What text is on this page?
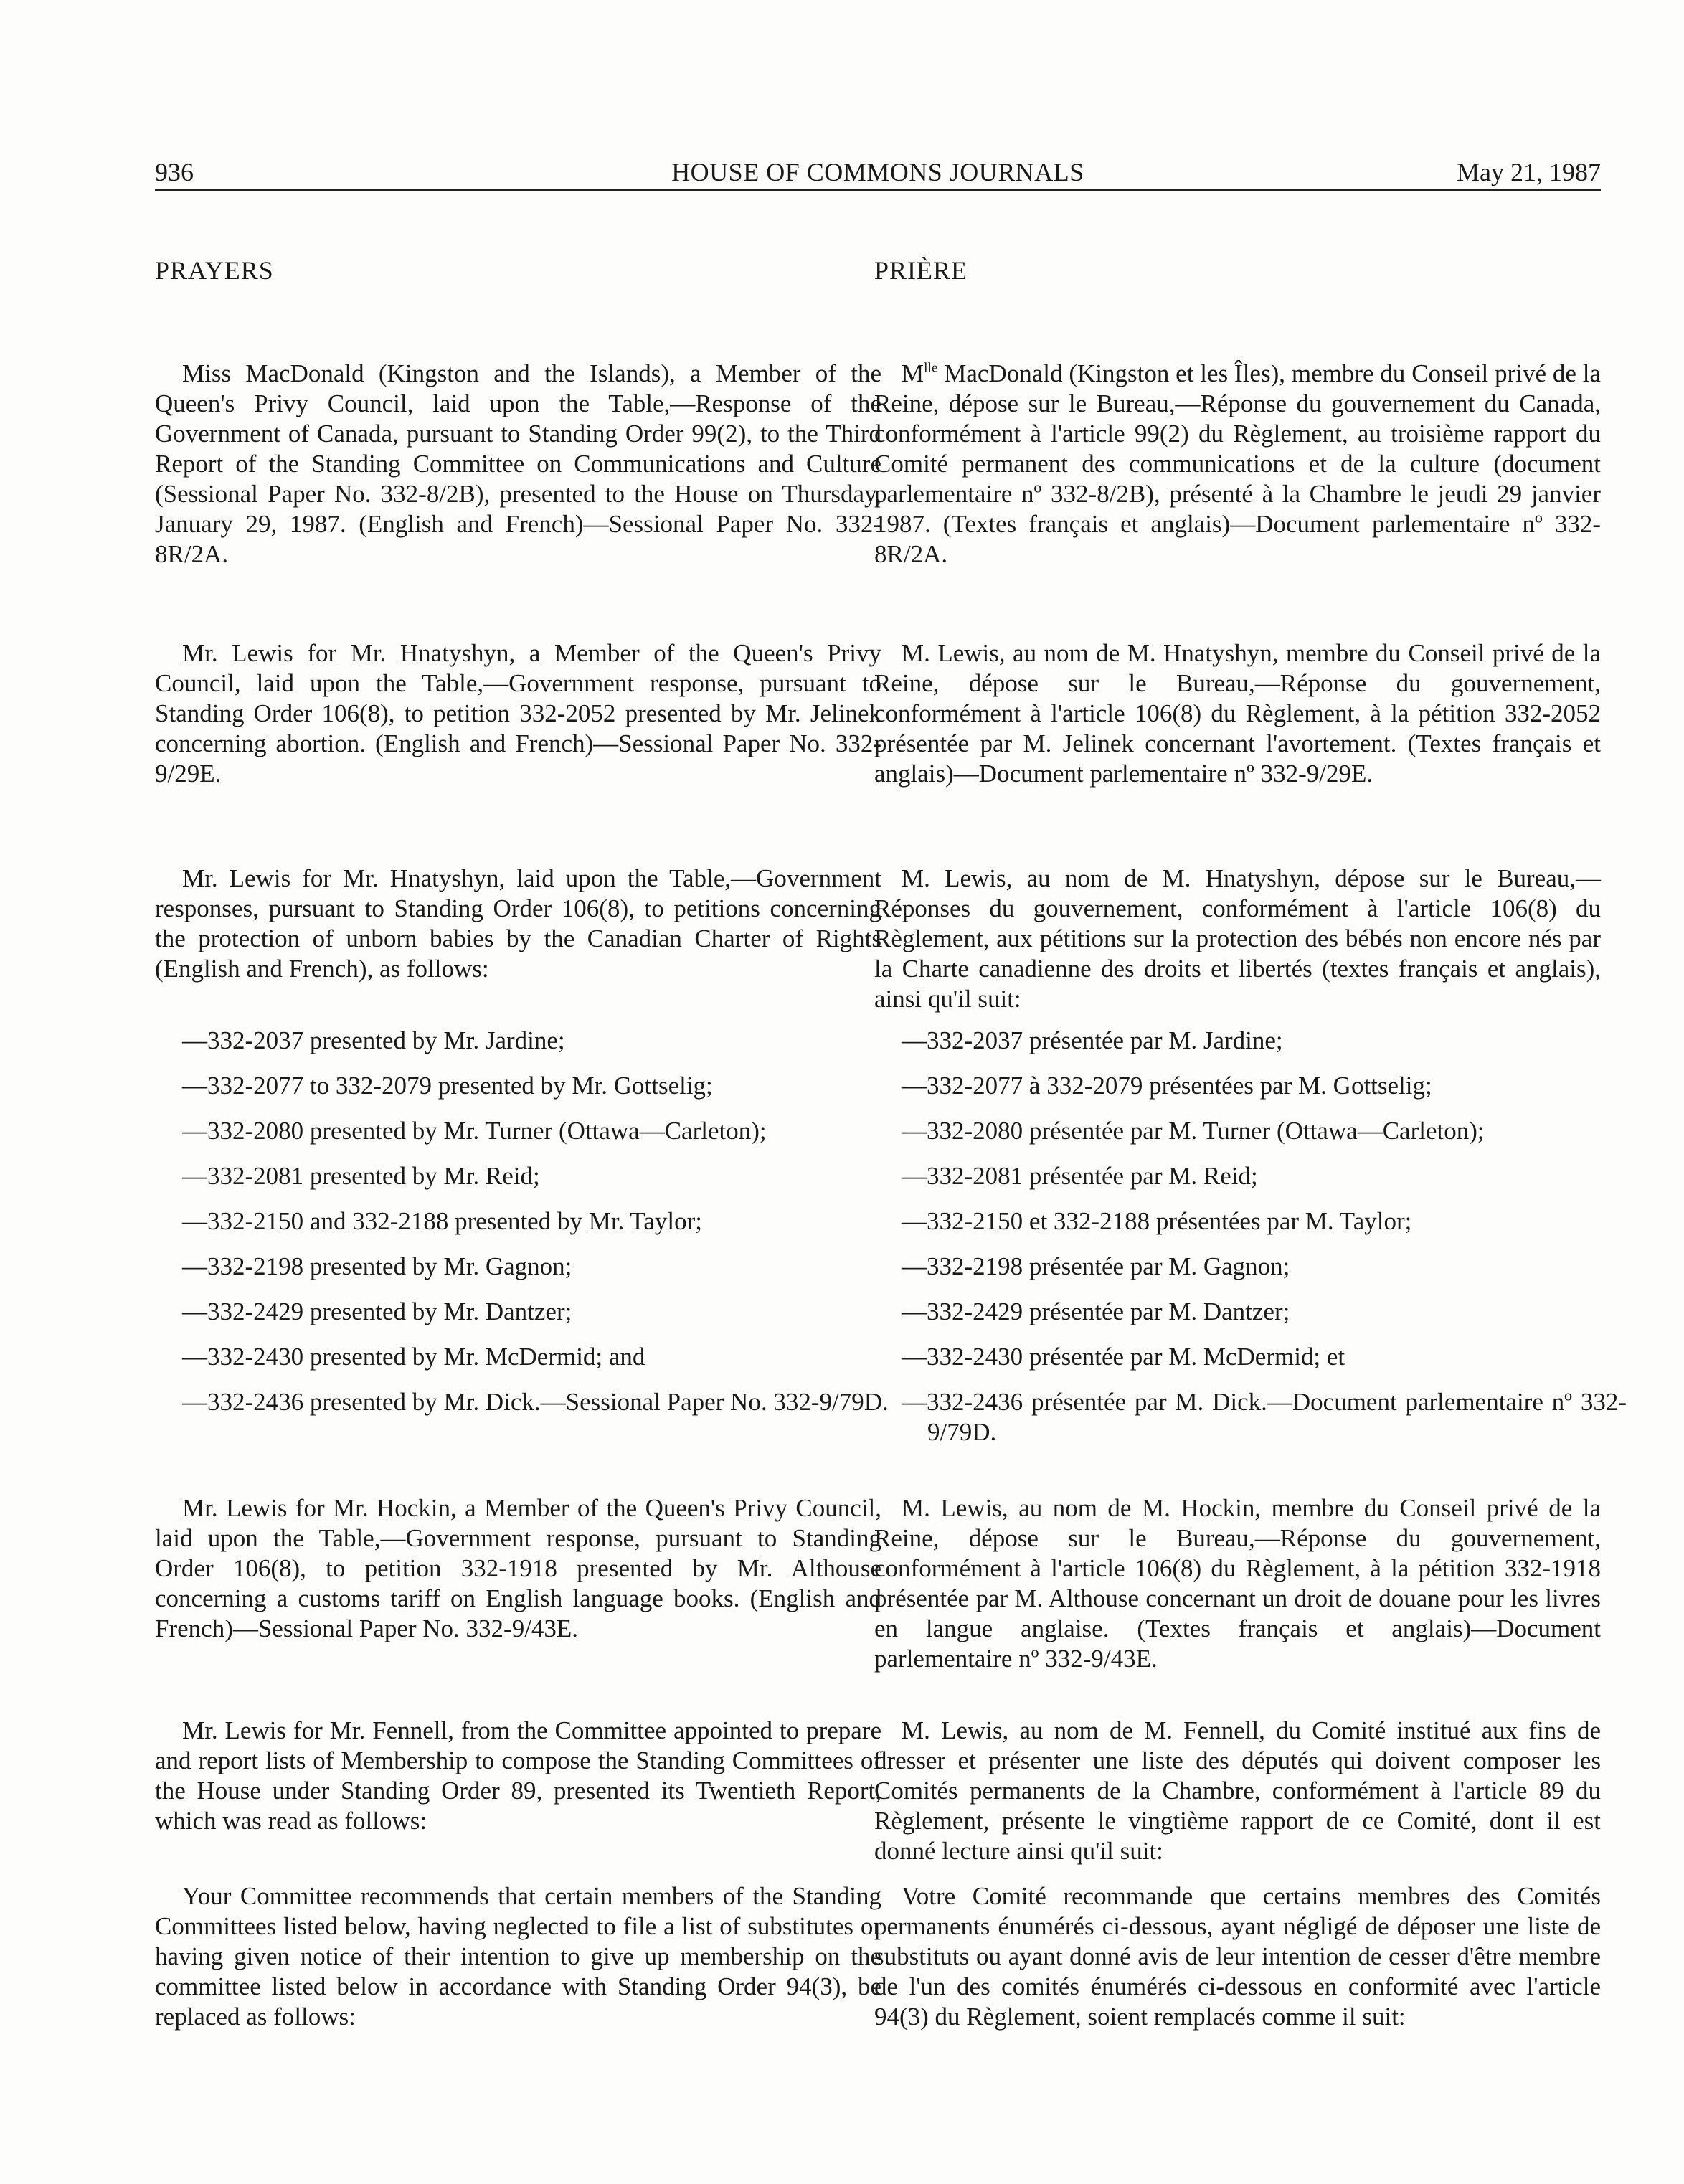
936	HOUSE OF COMMONS JOURNALS	May 21, 1987
PRAYERS

Miss MacDonald (Kingston and the Islands), a Member of the Queen's Privy Council, laid upon the Table,—Response of the Government of Canada, pursuant to Standing Order 99(2), to the Third Report of the Standing Committee on Communications and Culture (Sessional Paper No. 332-8/2B), presented to the House on Thursday, January 29, 1987. (English and French)—Sessional Paper No. 332-8R/2A.

Mr. Lewis for Mr. Hnatyshyn, a Member of the Queen's Privy Council, laid upon the Table,—Government response, pursuant to Standing Order 106(8), to petition 332-2052 presented by Mr. Jelinek concerning abortion. (English and French)—Sessional Paper No. 332-9/29E.

Mr. Lewis for Mr. Hnatyshyn, laid upon the Table,—Government responses, pursuant to Standing Order 106(8), to petitions concerning the protection of unborn babies by the Canadian Charter of Rights (English and French), as follows:

—332-2037 presented by Mr. Jardine;
—332-2077 to 332-2079 presented by Mr. Gottselig;
—332-2080 presented by Mr. Turner (Ottawa—Carleton);
—332-2081 presented by Mr. Reid;
—332-2150 and 332-2188 presented by Mr. Taylor;
—332-2198 presented by Mr. Gagnon;
—332-2429 presented by Mr. Dantzer;
—332-2430 presented by Mr. McDermid; and
—332-2436 presented by Mr. Dick.—Sessional Paper No. 332-9/79D.

Mr. Lewis for Mr. Hockin, a Member of the Queen's Privy Council, laid upon the Table,—Government response, pursuant to Standing Order 106(8), to petition 332-1918 presented by Mr. Althouse concerning a customs tariff on English language books. (English and French)—Sessional Paper No. 332-9/43E.

Mr. Lewis for Mr. Fennell, from the Committee appointed to prepare and report lists of Membership to compose the Standing Committees of the House under Standing Order 89, presented its Twentieth Report, which was read as follows:

Your Committee recommends that certain members of the Standing Committees listed below, having neglected to file a list of substitutes or having given notice of their intention to give up membership on the committee listed below in accordance with Standing Order 94(3), be replaced as follows:

PRIÈRE

$M^{lle}$ MacDonald (Kingston et les Îles), membre du Conseil privé de la Reine, dépose sur le Bureau,—Réponse du gouvernement du Canada, conformément à l'article 99(2) du Règlement, au troisième rapport du Comité permanent des communications et de la culture (document parlementaire nº 332-8/2B), présenté à la Chambre le jeudi 29 janvier 1987. (Textes français et anglais)—Document parlementaire nº 332-8R/2A.

M. Lewis, au nom de M. Hnatyshyn, membre du Conseil privé de la Reine, dépose sur le Bureau,—Réponse du gouvernement, conformément à l'article 106(8) du Règlement, à la pétition 332-2052 présentée par M. Jelinek concernant l'avortement. (Textes français et anglais)—Document parlementaire nº 332-9/29E.

M. Lewis, au nom de M. Hnatyshyn, dépose sur le Bureau,—Réponses du gouvernement, conformément à l'article 106(8) du Règlement, aux pétitions sur la protection des bébés non encore nés par la Charte canadienne des droits et libertés (textes français et anglais), ainsi qu'il suit:

—332-2037 présentée par M. Jardine;
—332-2077 à 332-2079 présentées par M. Gottselig;
—332-2080 présentée par M. Turner (Ottawa—Carleton);
—332-2081 présentée par M. Reid;
—332-2150 et 332-2188 présentées par M. Taylor;
—332-2198 présentée par M. Gagnon;
—332-2429 présentée par M. Dantzer;
—332-2430 présentée par M. McDermid; et
—332-2436 présentée par M. Dick.—Document parlementaire nº 332-9/79D.

M. Lewis, au nom de M. Hockin, membre du Conseil privé de la Reine, dépose sur le Bureau,—Réponse du gouvernement, conformément à l'article 106(8) du Règlement, à la pétition 332-1918 présentée par M. Althouse concernant un droit de douane pour les livres en langue anglaise. (Textes français et anglais)—Document parlementaire nº 332-9/43E.

M. Lewis, au nom de M. Fennell, du Comité institué aux fins de dresser et présenter une liste des députés qui doivent composer les Comités permanents de la Chambre, conformément à l'article 89 du Règlement, présente le vingtième rapport de ce Comité, dont il est donné lecture ainsi qu'il suit:

Votre Comité recommande que certains membres des Comités permanents énumérés ci-dessous, ayant négligé de déposer une liste de substituts ou ayant donné avis de leur intention de cesser d'être membre de l'un des comités énumérés ci-dessous en conformité avec l'article 94(3) du Règlement, soient remplacés comme il suit:
